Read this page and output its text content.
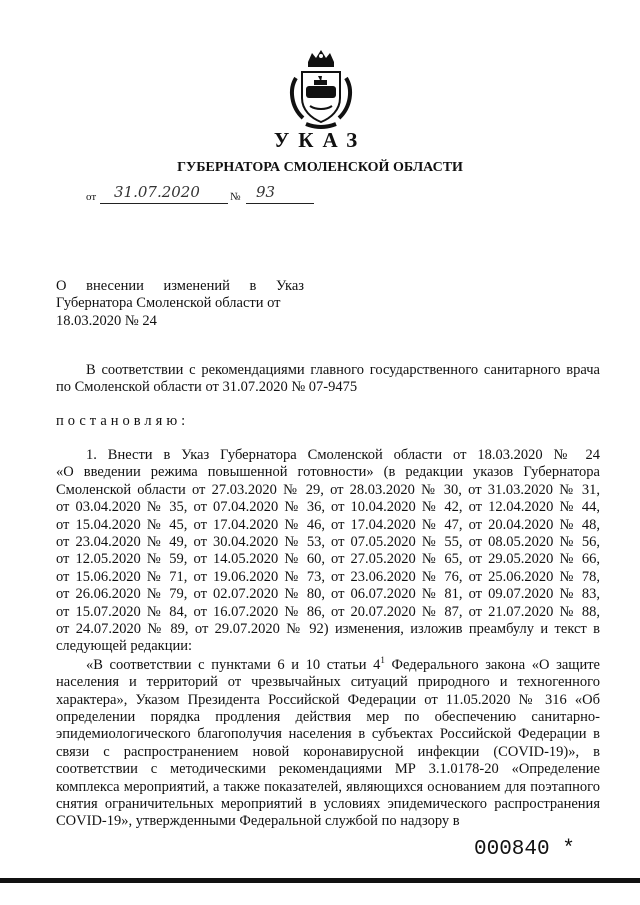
УКАЗ
ГУБЕРНАТОРА СМОЛЕНСКОЙ ОБЛАСТИ
от 31.07.2020	№ 93
О внесении изменений в Указ
Губернатора Смоленской области от
18.03.2020 № 24
В соответствии с рекомендациями главного государственного санитарного врача по Смоленской области от 31.07.2020 № 07-9475
постановляю:
1. Внести в Указ Губернатора Смоленской области от 18.03.2020 № 24
«О введении режима повышенной готовности» (в редакции указов Губернатора
Смоленской области от 27.03.2020 № 29, от 28.03.2020 № 30, от 31.03.2020 № 31,
от 03.04.2020 № 35, от 07.04.2020 № 36, от 10.04.2020 № 42, от 12.04.2020 № 44,
от 15.04.2020 № 45, от 17.04.2020 № 46, от 17.04.2020 № 47, от 20.04.2020 № 48,
от 23.04.2020 № 49, от 30.04.2020 № 53, от 07.05.2020 № 55, от 08.05.2020 № 56,
от 12.05.2020 № 59, от 14.05.2020 № 60, от 27.05.2020 № 65, от 29.05.2020 № 66,
от 15.06.2020 № 71, от 19.06.2020 № 73, от 23.06.2020 № 76, от 25.06.2020 № 78,
от 26.06.2020 № 79, от 02.07.2020 № 80, от 06.07.2020 № 81, от 09.07.2020 № 83,
от 15.07.2020 № 84, от 16.07.2020 № 86, от 20.07.2020 № 87, от 21.07.2020 № 88,
от 24.07.2020 № 89, от 29.07.2020 № 92) изменения, изложив преамбулу и текст в
следующей редакции:
«В соответствии с пунктами 6 и 10 статьи $4^1$ Федерального закона «О защите населения и территорий от чрезвычайных ситуаций природного и техногенного характера», Указом Президента Российской Федерации от 11.05.2020 № 316 «Об определении порядка продления действия мер по обеспечению санитарно-эпидемиологического благополучия населения в субъектах Российской Федерации в связи с распространением новой коронавирусной инфекции (COVID-19)», в соответствии с методическими рекомендациями МР 3.1.0178-20 «Определение комплекса мероприятий, а также показателей, являющихся основанием для поэтапного снятия ограничительных мероприятий в условиях эпидемического распространения COVID-19», утвержденными Федеральной службой по надзору в
000840 *
